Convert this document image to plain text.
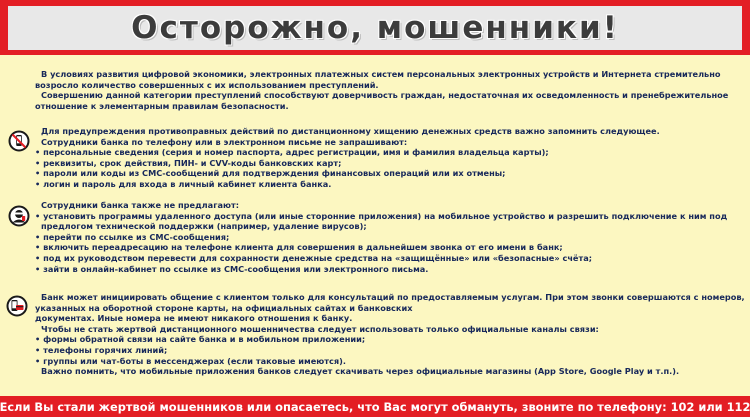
Осторожно, мошенники!
В условиях развития цифровой экономики, электронных платежных систем персональных электронных устройств и Интернета стремительно
возросло количество совершенных с их использованием преступлений.
Совершению данной категории преступлений способствуют доверчивость граждан, недостаточная их осведомленность и пренебрежительное
отношение к элементарным правилам безопасности.
Для предупреждения противоправных действий по дистанционному хищению денежных средств важно запомнить следующее.
Сотрудники банка по телефону или в электронном письме не запрашивают:
• персональные сведения (серия и номер паспорта, адрес регистрации, имя и фамилия владельца карты);
• реквизиты, срок действия, ПИН- и CVV-коды банковских карт;
• пароли или коды из СМС-сообщений для подтверждения финансовых операций или их отмены;
• логин и пароль для входа в личный кабинет клиента банка.
Сотрудники банка также не предлагают:
• установить программы удаленного доступа (или иные сторонние приложения) на мобильное устройство и разрешить подключение к ним под
предлогом технической поддержки (например, удаление вирусов);
• перейти по ссылке из СМС-сообщения;
• включить переадресацию на телефоне клиента для совершения в дальнейшем звонка от его имени в банк;
• под их руководством перевести для сохранности денежные средства на «защищённые» или «безопасные» счёта;
• зайти в онлайн-кабинет по ссылке из СМС-сообщения или электронного письма.
Банк может инициировать общение с клиентом только для консультаций по предоставляемым услугам. При этом звонки совершаются с номеров,
указанных на оборотной стороне карты, на официальных сайтах и банковских
документах. Иные номера не имеют никакого отношения к банку.
Чтобы не стать жертвой дистанционного мошенничества следует использовать только официальные каналы связи:
• формы обратной связи на сайте банка и в мобильном приложении;
• телефоны горячих линий;
• группы или чат-боты в мессенджерах (если таковые имеются).
Важно помнить, что мобильные приложения банков следует скачивать через официальные магазины (App Store, Google Play и т.п.).
Если Вы стали жертвой мошенников или опасаетесь, что Вас могут обмануть, звоните по телефону: 102 или 112
